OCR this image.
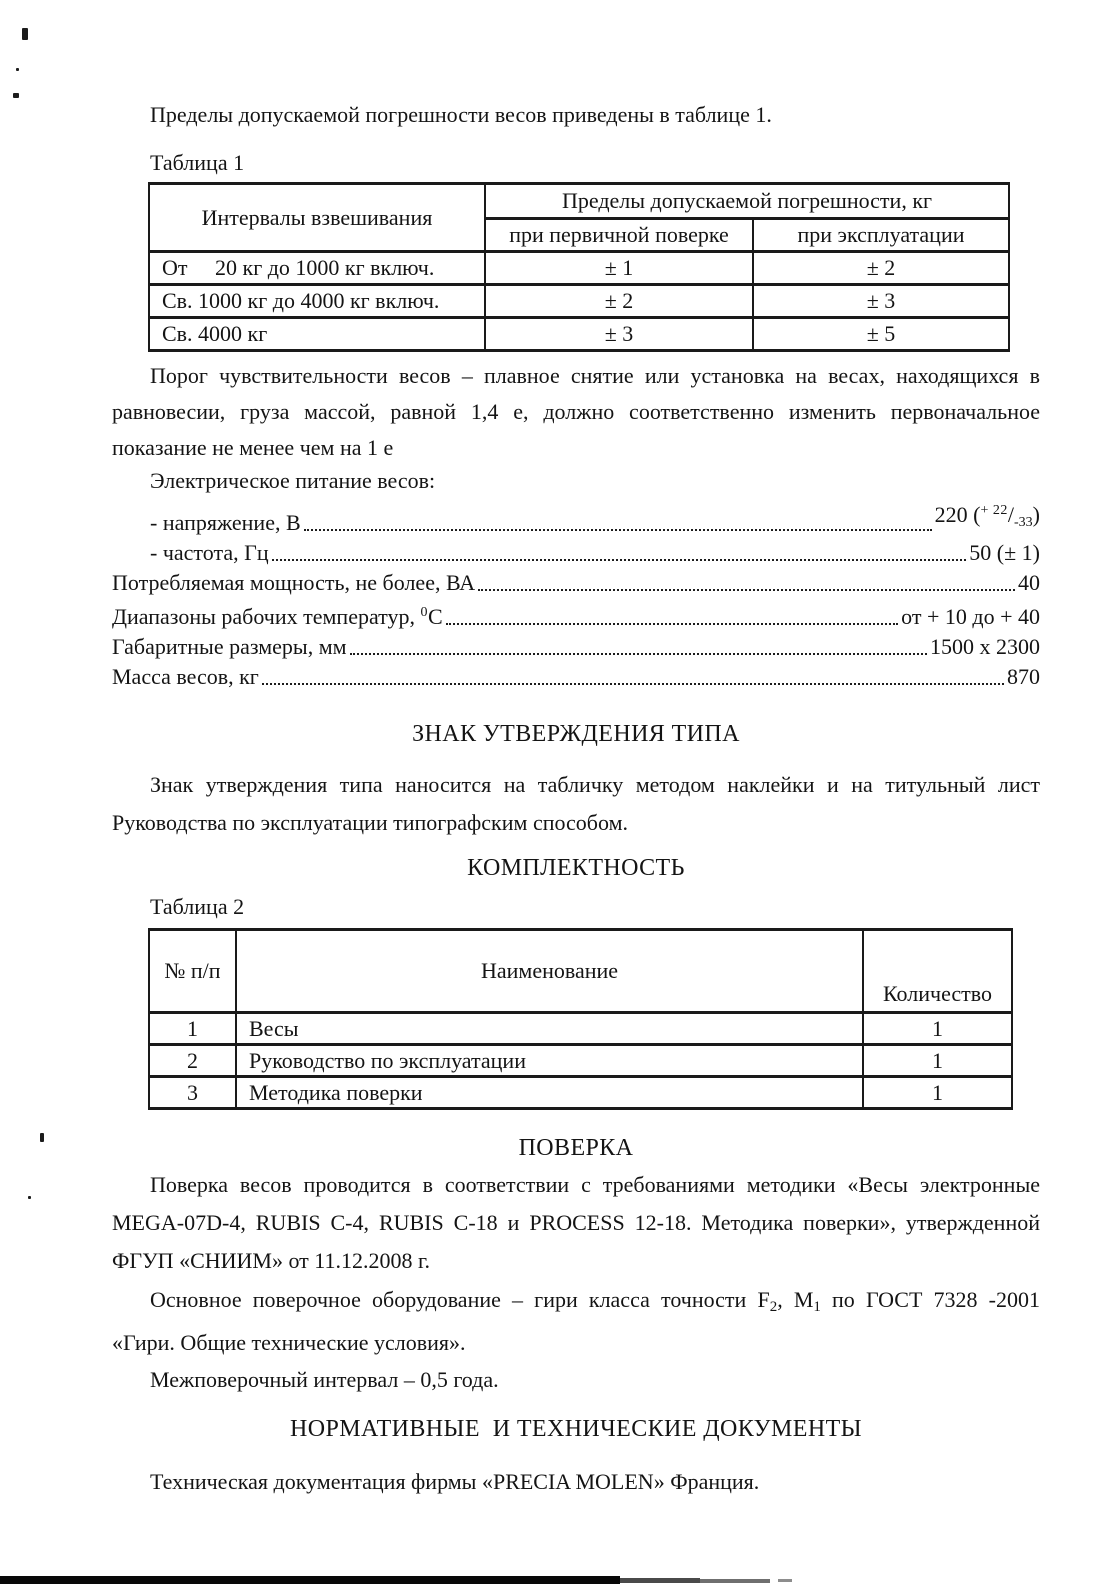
Пределы допускаемой погрешности весов приведены в таблице 1.

Таблица 1

Интервалы взвешивания	Пределы допускаемой погрешности, кг	
	при первичной поверке	при эксплуатации
От     20 кг до 1000 кг включ.	± 1	± 2
Св. 1000 кг до 4000 кг включ.	± 2	± 3
Св. 4000 кг	± 3	± 5

Порог чувствительности весов – плавное снятие или установка на весах, находящихся в равновесии, груза массой, равной 1,4 е, должно соответственно изменить первоначальное показание не менее чем на 1 е

Электрическое питание весов:

- напряжение, В	220 $(^{+ 22}/_{-33})$
- частота, Гц	50 (± 1)
Потребляемая мощность, не более, ВА	40
Диапазоны рабочих температур, $^0$С	от + 10 до + 40
Габаритные размеры, мм	1500 х 2300
Масса весов, кг	870
ЗНАК УТВЕРЖДЕНИЯ ТИПА

Знак утверждения типа наносится на табличку методом наклейки и на титульный лист Руководства по эксплуатации типографским способом.

КОМПЛЕКТНОСТЬ

Таблица 2

№ п/п	Наименование	Количество
1	Весы	1
2	Руководство по эксплуатации	1
3	Методика поверки	1
ПОВЕРКА

Поверка весов проводится в соответствии с требованиями методики «Весы электронные MEGA-07D-4, RUBIS C-4, RUBIS C-18 и PROCESS 12-18. Методика поверки», утвержденной ФГУП «СНИИМ» от 11.12.2008 г.

Основное поверочное оборудование – гири класса точности $F_2$, $М_1$ по ГОСТ 7328 -2001 «Гири. Общие технические условия».

Межповерочный интервал – 0,5 года.

НОРМАТИВНЫЕ  И ТЕХНИЧЕСКИЕ ДОКУМЕНТЫ

Техническая документация фирмы «PRECIA MOLEN» Франция.
